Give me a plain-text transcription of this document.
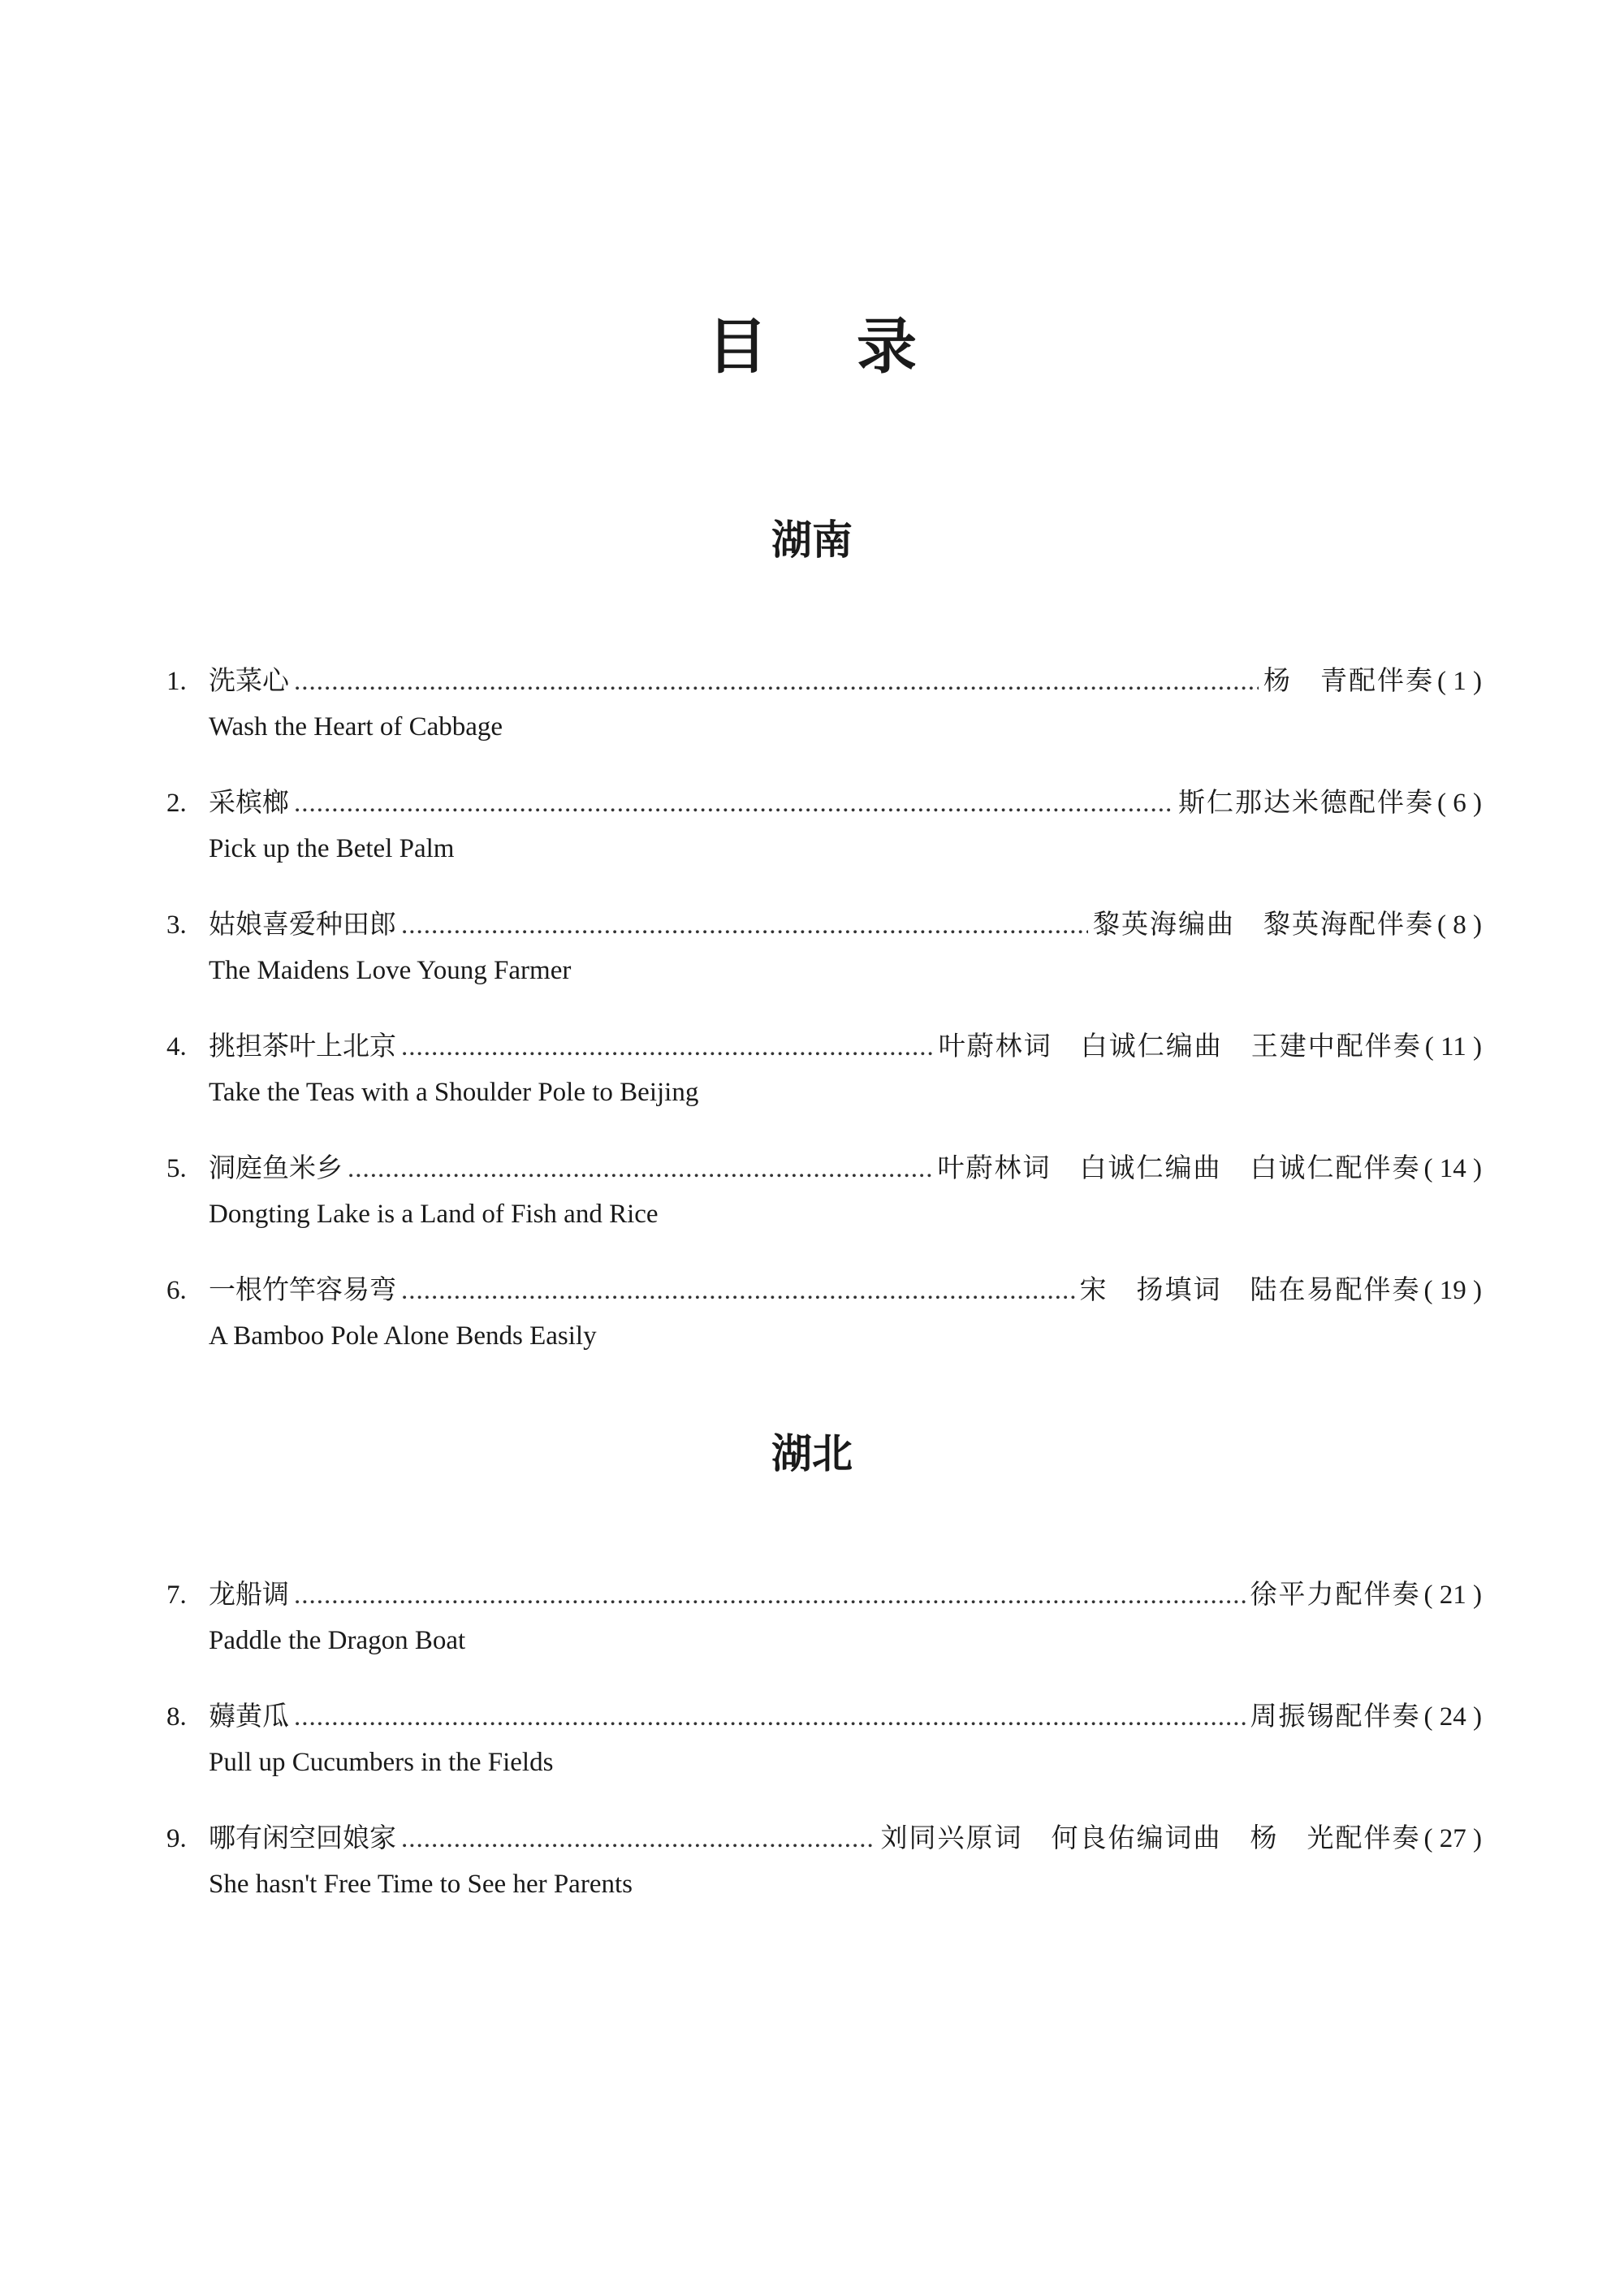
目 录
湖南
1. 洗菜心 .....	杨　青配伴奏 ( 1 )
Wash the Heart of Cabbage
2. 采槟榔 .....	斯仁那达米德配伴奏 ( 6 )
Pick up the Betel Palm
3. 姑娘喜爱种田郎 .....	黎英海编曲　黎英海配伴奏 ( 8 )
The Maidens Love Young Farmer
4. 挑担茶叶上北京 .....	叶蔚林词　白诚仁编曲　王建中配伴奏 ( 11 )
Take the Teas with a Shoulder Pole to Beijing
5. 洞庭鱼米乡 .....	叶蔚林词　白诚仁编曲　白诚仁配伴奏 ( 14 )
Dongting Lake is a Land of Fish and Rice
6. 一根竹竿容易弯 .....	宋　扬填词　陆在易配伴奏 ( 19 )
A Bamboo Pole Alone Bends Easily
湖北
7. 龙船调 .....	徐平力配伴奏 ( 21 )
Paddle the Dragon Boat
8. 薅黄瓜 .....	周振锡配伴奏 ( 24 )
Pull up Cucumbers in the Fields
9. 哪有闲空回娘家 .....	刘同兴原词　何良佑编词曲　杨　光配伴奏 ( 27 )
She hasn't Free Time to See her Parents
